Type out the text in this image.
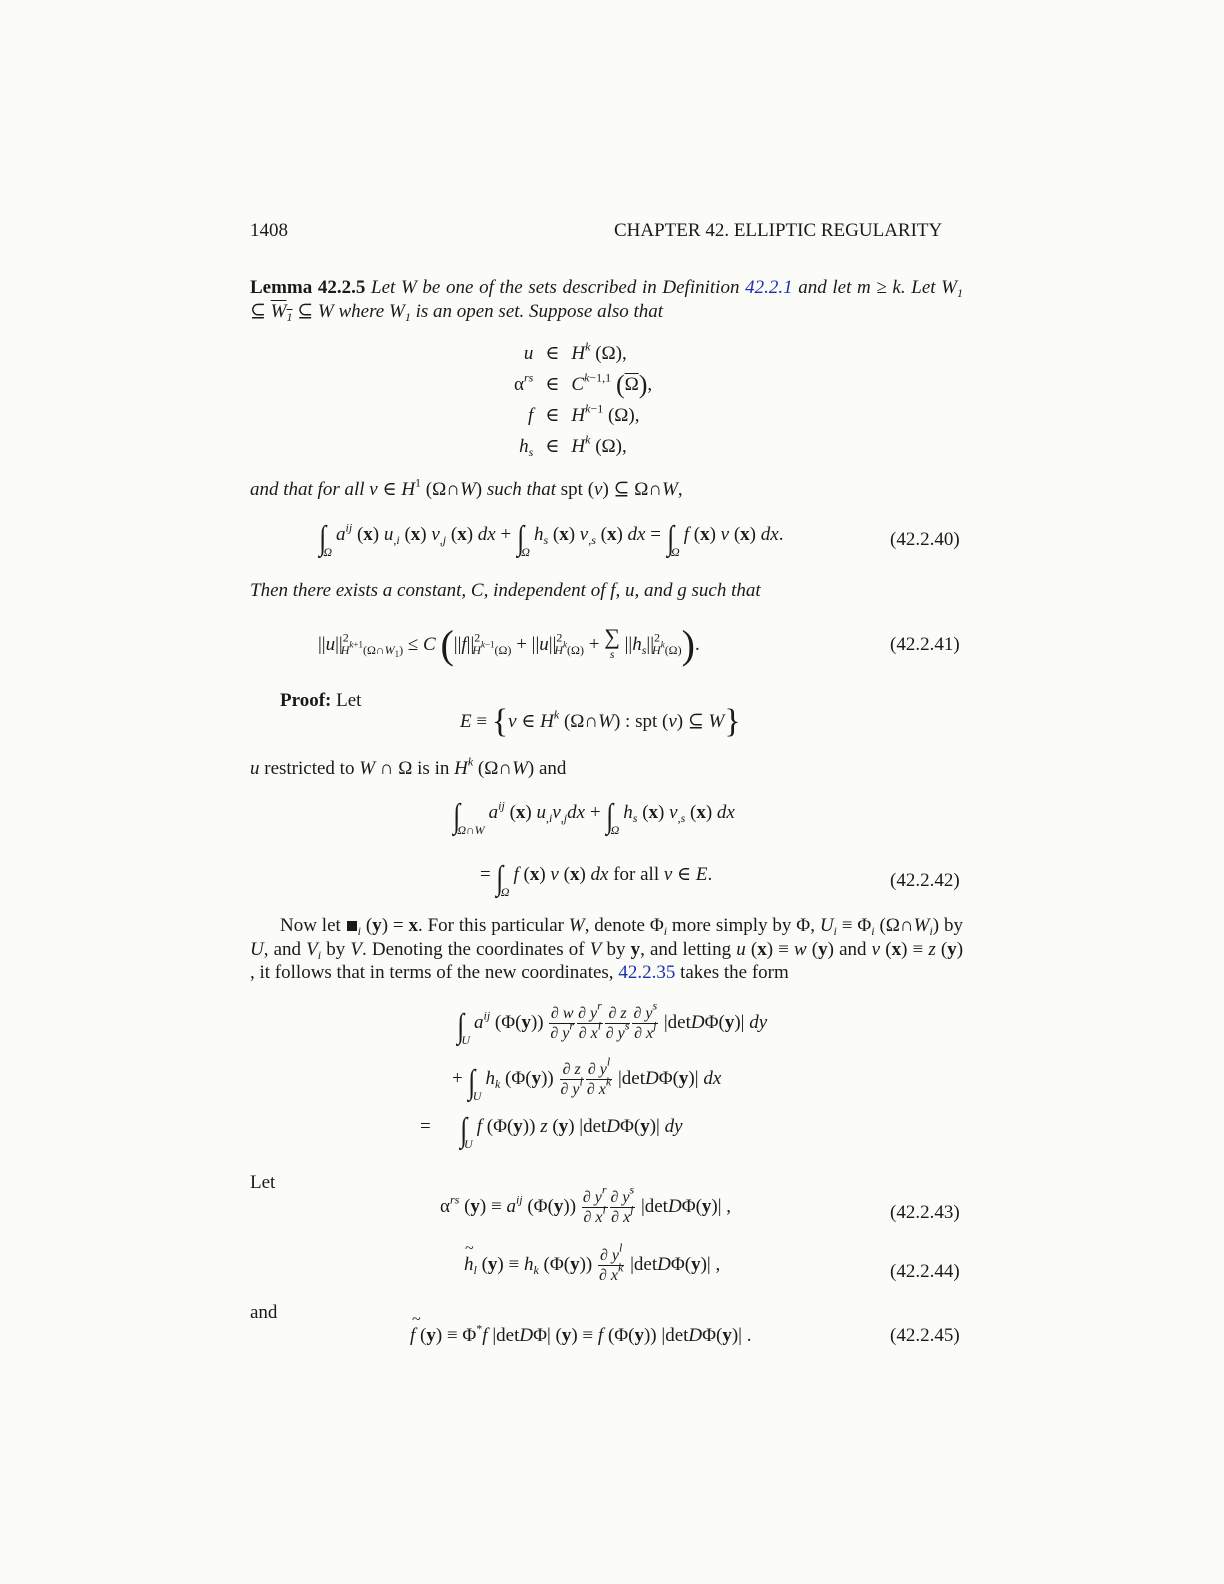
1408	CHAPTER 42. ELLIPTIC REGULARITY
Lemma 42.2.5 Let W be one of the sets described in Definition 42.2.1 and let m ≥ k. Let $W_1$ ⊆ $W_1$ ⊆ W where $W_1$ is an open set. Suppose also that
u	∈	$H^k$ (Ω),
$\alpha^{rs}$	∈	$C^{k-1,1}$ $(\overline{\Omega})$,
f	∈	$H^{k-1}$ (Ω),
$h_s$	∈	$H^k$ (Ω),
and that for all v ∈ $H^1$ (Ω∩W) such that spt (v) ⊆ Ω∩W,
$\int\Omega a^{ij}$ (x) $u_{,i}$ (x) $v_{,j}$ (x) dx + $\int\Omega h_s$ (x) $v_{,s}$ (x) dx = ∫Ωf (x) v (x) dx.	(42.2.40)
Then there exists a constant, C, independent of f, u, and g such that
$||u||^2_{H^{k+1}(\Omega\cap W_1)} \le C$ ($||f||^2_{H^{k-1}(\Omega)} + ||u||^2_{H^k(\Omega)}$ + ∑
s $||h_s||^2_{H^k(\Omega)}$).	(42.2.41)
Proof: Let
E ≡ {v ∈ $H^k$ (Ω∩W) : spt (v) ⊆ W}
u restricted to W ∩ Ω is in $H^k$ (Ω∩W) and
$\int\Omega\cap Wa^{ij}$ (x) $u_{,i}v_{,j}dx + \int\Omega h_s$ (x) $v_{,s}$ (x) dx
= ∫Ωf (x) v (x) dx for all v ∈ E.	(42.2.42)
Now let $_i$ (y) = x. For this particular W, denote $\Phi_i$ more simply by Φ, $U_i \equiv \Phi_i$ $(\Omega\cap W_i)$ by U, and $V_i$ by V. Denoting the coordinates of V by y, and letting u (x) ≡ w (y) and v (x) ≡ z (y) , it follows that in terms of the new coordinates, 42.2.35 takes the form
$\int Ua^{ij}$ $(\Phi(y)) \frac{\partial w}{\partial y^r} \frac{\partial y^r}{\partial x^i} \frac{\partial z}{\partial y^s} \frac{\partial y^s}{\partial x^j} |\det D\Phi(y)|$ dy
+ $\int Uh_k$ $(\Phi(y)) \frac{\partial z}{\partial y^l} \frac{\partial y^l}{\partial x^k} |\det D\Phi(y)|$ dx
= ∫Uf (Φ(y)) z (y) |detDΦ(y)| dy
Let
$\alpha^{rs}$ $(y) \equiv a^{ij}$ $(\Phi(y)) \frac{\partial y^r}{\partial x^i} \frac{\partial y^s}{\partial x^j} |\det D\Phi(y)|$ ,	(42.2.43)
~
$h_l$ $(y) \equiv h_k$ $(\Phi(y)) \frac{\partial y^l}{\partial x^k} |\det D\Phi(y)|$ ,	(42.2.44)
and	~
f (y) ≡ Φ*f |detDΦ| (y) ≡ f (Φ(y)) |detDΦ(y)| .	(42.2.45)
